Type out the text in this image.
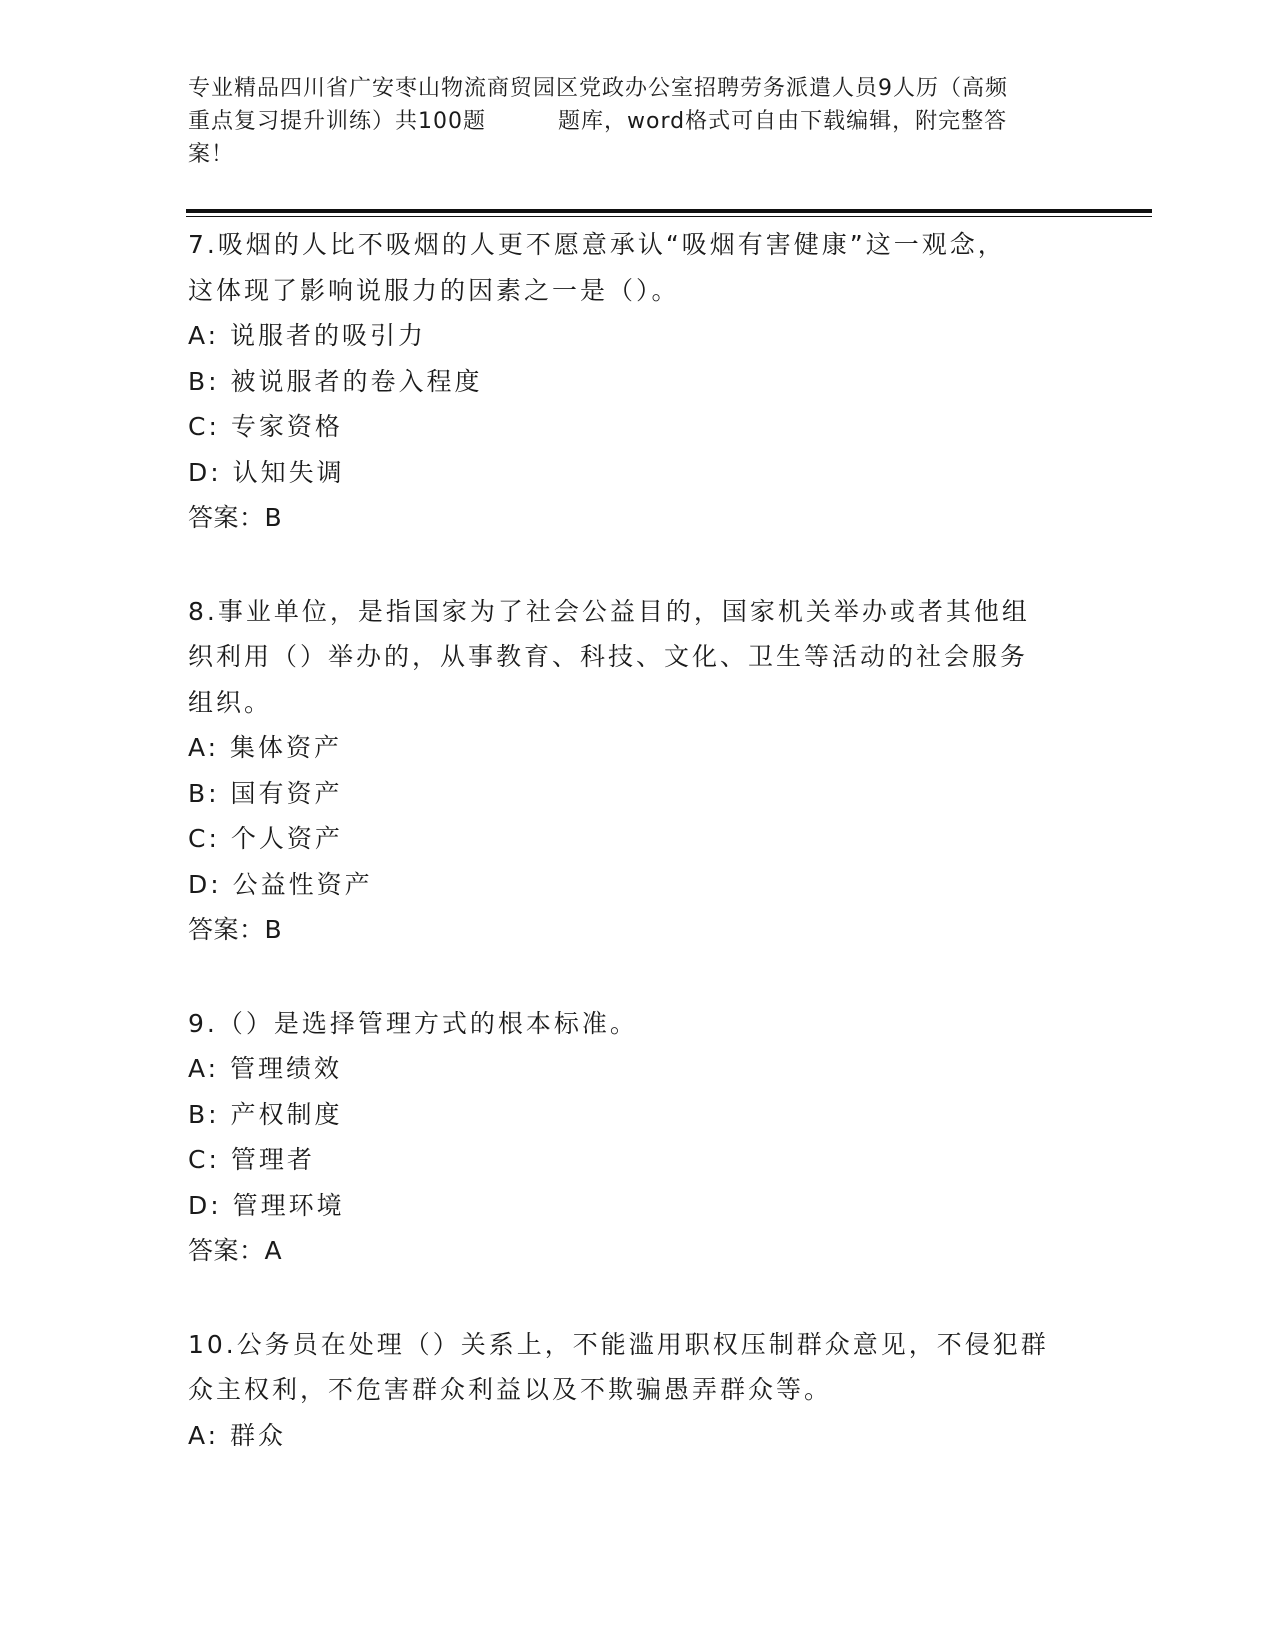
专业精品四川省广安枣山物流商贸园区党政办公室招聘劳务派遣人员9人历（高频
重点复习提升训练）共100题	题库，word格式可自由下载编辑，附完整答
案！
7.吸烟的人比不吸烟的人更不愿意承认“吸烟有害健康”这一观念，
这体现了影响说服力的因素之一是（）。
A: 说服者的吸引力
B: 被说服者的卷入程度
C: 专家资格
D: 认知失调
答案：B
8.事业单位，是指国家为了社会公益目的，国家机关举办或者其他组
织利用（）举办的，从事教育、科技、文化、卫生等活动的社会服务
组织。
A: 集体资产
B: 国有资产
C: 个人资产
D: 公益性资产
答案：B
9.（）是选择管理方式的根本标准。
A: 管理绩效
B: 产权制度
C: 管理者
D: 管理环境
答案：A
10.公务员在处理（）关系上，不能滥用职权压制群众意见，不侵犯群
众主权利，不危害群众利益以及不欺骗愚弄群众等。
A: 群众
